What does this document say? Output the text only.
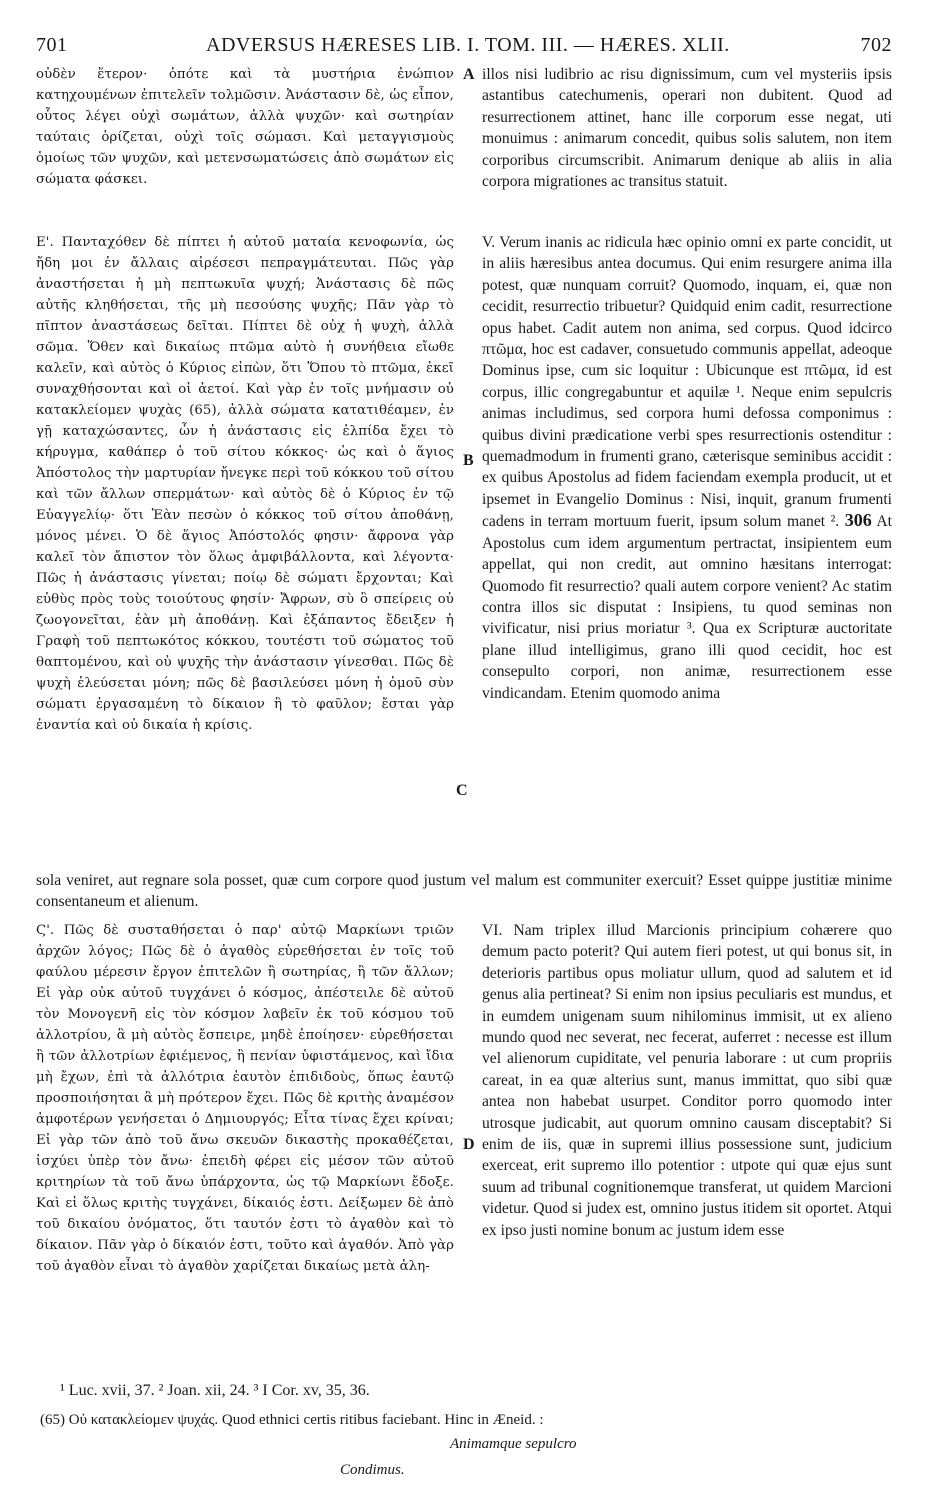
701	ADVERSUS HÆRESES LIB. I. TOM. III. — HÆRES. XLII.	702

οὐδὲν ἕτερον· ὁπότε καὶ τὰ μυστήρια ἐνώπιον κατηχουμένων ἐπιτελεῖν τολμῶσιν. Ἀνάστασιν δὲ, ὡς εἶπον, οὗτος λέγει οὐχὶ σωμάτων, ἀλλὰ ψυχῶν· καὶ σωτηρίαν ταύταις ὁρίζεται, οὐχὶ τοῖς σώμασι. Καὶ μεταγγισμοὺς ὁμοίως τῶν ψυχῶν, καὶ μετενσωματώσεις ἀπὸ σωμάτων εἰς σώματα φάσκει.

Ε'. Πανταχόθεν δὲ πίπτει ἡ αὐτοῦ ματαία κενοφωνία, ὡς ἤδη μοι ἐν ἄλλαις αἱρέσεσι πεπραγμάτευται. Πῶς γὰρ ἀναστήσεται ἡ μὴ πεπτωκυῖα ψυχή; Ἀνάστασις δὲ πῶς αὐτῆς κληθήσεται, τῆς μὴ πεσούσης ψυχῆς; Πᾶν γὰρ τὸ πῖπτον ἀναστάσεως δεῖται. Πίπτει δὲ οὐχ ἡ ψυχὴ, ἀλλὰ σῶμα. Ὅθεν καὶ δικαίως πτῶμα αὐτὸ ἡ συνήθεια εἴωθε καλεῖν, καὶ αὐτὸς ὁ Κύριος εἰπὼν, ὅτι Ὅπου τὸ πτῶμα, ἐκεῖ συναχθήσονται καὶ οἱ ἀετοί. Καὶ γὰρ ἐν τοῖς μνήμασιν οὐ κατακλείομεν ψυχὰς (65), ἀλλὰ σώματα κατατιθέαμεν, ἐν γῇ καταχώσαντες, ὧν ἡ ἀνάστασις εἰς ἐλπίδα ἔχει τὸ κήρυγμα, καθάπερ ὁ τοῦ σίτου κόκκος· ὡς καὶ ὁ ἅγιος Ἀπόστολος τὴν μαρτυρίαν ἤνεγκε περὶ τοῦ κόκκου τοῦ σίτου καὶ τῶν ἄλλων σπερμάτων· καὶ αὐτὸς δὲ ὁ Κύριος ἐν τῷ Εὐαγγελίῳ· ὅτι Ἐὰν πεσὼν ὁ κόκκος τοῦ σίτου ἀποθάνῃ, μόνος μένει. Ὁ δὲ ἅγιος Ἀπόστολός φησιν· ἄφρονα γὰρ καλεῖ τὸν ἄπιστον τὸν ὅλως ἀμφιβάλλοντα, καὶ λέγοντα· Πῶς ἡ ἀνάστασις γίνεται; ποίῳ δὲ σώματι ἔρχονται; Καὶ εὐθὺς πρὸς τοὺς τοιούτους φησίν· Ἄφρων, σὺ ὃ σπείρεις οὐ ζωογονεῖται, ἐὰν μὴ ἀποθάνῃ. Καὶ ἐξάπαντος ἔδειξεν ἡ Γραφὴ τοῦ πεπτωκότος κόκκου, τουτέστι τοῦ σώματος τοῦ θαπτομένου, καὶ οὐ ψυχῆς τὴν ἀνάστασιν γίνεσθαι. Πῶς δὲ ψυχὴ ἐλεύσεται μόνη; πῶς δὲ βασιλεύσει μόνη ἡ ὁμοῦ σὺν σώματι ἐργασαμένη τὸ δίκαιον ἢ τὸ φαῦλον; ἔσται γὰρ ἐναντία καὶ οὐ δικαία ἡ κρίσις.

Ϛ'. Πῶς δὲ συσταθήσεται ὁ παρ' αὐτῷ Μαρκίωνι τριῶν ἀρχῶν λόγος; Πῶς δὲ ὁ ἀγαθὸς εὑρεθήσεται ἐν τοῖς τοῦ φαύλου μέρεσιν ἔργον ἐπιτελῶν ἢ σωτηρίας, ἢ τῶν ἄλλων; Εἰ γὰρ οὐκ αὐτοῦ τυγχάνει ὁ κόσμος, ἀπέστειλε δὲ αὐτοῦ τὸν Μονογενῆ εἰς τὸν κόσμον λαβεῖν ἐκ τοῦ κόσμου τοῦ ἀλλοτρίου, ἃ μὴ αὐτὸς ἔσπειρε, μηδὲ ἐποίησεν· εὑρεθήσεται ἢ τῶν ἀλλοτρίων ἐφιέμενος, ἢ πενίαν ὑφιστάμενος, καὶ ἴδια μὴ ἔχων, ἐπὶ τὰ ἀλλότρια ἑαυτὸν ἐπιδιδοὺς, ὅπως ἑαυτῷ προσποιήσηται ἃ μὴ πρότερον ἔχει. Πῶς δὲ κριτὴς ἀναμέσον ἀμφοτέρων γενήσεται ὁ Δημιουργός; Εἶτα τίνας ἔχει κρίναι; Εἰ γὰρ τῶν ἀπὸ τοῦ ἄνω σκευῶν δικαστὴς προκαθέζεται, ἰσχύει ὑπὲρ τὸν ἄνω· ἐπειδὴ φέρει εἰς μέσον τῶν αὐτοῦ κριτηρίων τὰ τοῦ ἄνω ὑπάρχοντα, ὡς τῷ Μαρκίωνι ἔδοξε. Καὶ εἰ ὅλως κριτὴς τυγχάνει, δίκαιός ἐστι. Δείξωμεν δὲ ἀπὸ τοῦ δικαίου ὀνόματος, ὅτι ταυτόν ἐστι τὸ ἀγαθὸν καὶ τὸ δίκαιον. Πᾶν γὰρ ὁ δίκαιόν ἐστι, τοῦτο καὶ ἀγαθόν. Ἀπὸ γὰρ τοῦ ἀγαθὸν εἶναι τὸ ἀγαθὸν χαρίζεται δικαίως μετὰ ἀλη-

A
B
C
D

illos nisi ludibrio ac risu dignissimum, cum vel mysteriis ipsis astantibus catechumenis, operari non dubitent. Quod ad resurrectionem attinet, hanc ille corporum esse negat, uti monuimus : animarum concedit, quibus solis salutem, non item corporibus circumscribit. Animarum denique ab aliis in alia corpora migrationes ac transitus statuit.

V. Verum inanis ac ridicula hæc opinio omni ex parte concidit, ut in aliis hæresibus antea documus. Qui enim resurgere anima illa potest, quæ nunquam corruit? Quomodo, inquam, ei, quæ non cecidit, resurrectio tribuetur? Quidquid enim cadit, resurrectione opus habet. Cadit autem non anima, sed corpus. Quod idcirco πτῶμα, hoc est cadaver, consuetudo communis appellat, adeoque Dominus ipse, cum sic loquitur : Ubicunque est πτῶμα, id est corpus, illic congregabuntur et aquilæ ¹. Neque enim sepulcris animas includimus, sed corpora humi defossa componimus : quibus divini prædicatione verbi spes resurrectionis ostenditur : quemadmodum in frumenti grano, cæterisque seminibus accidit : ex quibus Apostolus ad fidem faciendam exempla producit, ut et ipsemet in Evangelio Dominus : Nisi, inquit, granum frumenti cadens in terram mortuum fuerit, ipsum solum manet ². 306 At Apostolus cum idem argumentum pertractat, insipientem eum appellat, qui non credit, aut omnino hæsitans interrogat: Quomodo fit resurrectio? quali autem corpore venient? Ac statim contra illos sic disputat : Insipiens, tu quod seminas non vivificatur, nisi prius moriatur ³. Qua ex Scripturæ auctoritate plane illud intelligimus, grano illi quod cecidit, hoc est consepulto corpori, non animæ, resurrectionem esse vindicandam. Etenim quomodo anima

sola veniret, aut regnare sola posset, quæ cum corpore quod justum vel malum est communiter exercuit? Esset quippe justitiæ minime consentaneum et alienum.

VI. Nam triplex illud Marcionis principium cohærere quo demum pacto poterit? Qui autem fieri potest, ut qui bonus sit, in deterioris partibus opus moliatur ullum, quod ad salutem et id genus alia pertineat? Si enim non ipsius peculiaris est mundus, et in eumdem unigenam suum nihilominus immisit, ut ex alieno mundo quod nec severat, nec fecerat, auferret : necesse est illum vel alienorum cupiditate, vel penuria laborare : ut cum propriis careat, in ea quæ alterius sunt, manus immittat, quo sibi quæ antea non habebat usurpet. Conditor porro quomodo inter utrosque judicabit, aut quorum omnino causam disceptabit? Si enim de iis, quæ in supremi illius possessione sunt, judicium exerceat, erit supremo illo potentior : utpote qui quæ ejus sunt suum ad tribunal cognitionemque transferat, ut quidem Marcioni videtur. Quod si judex est, omnino justus itidem sit oportet. Atqui ex ipso justi nomine bonum ac justum idem esse

¹ Luc. xvii, 37. ² Joan. xii, 24. ³ I Cor. xv, 35, 36.
(65) Οὐ κατακλείομεν ψυχάς. Quod ethnici certis ritibus faciebant. Hinc in Æneid. :
Animamque sepulcro
Condimus.
